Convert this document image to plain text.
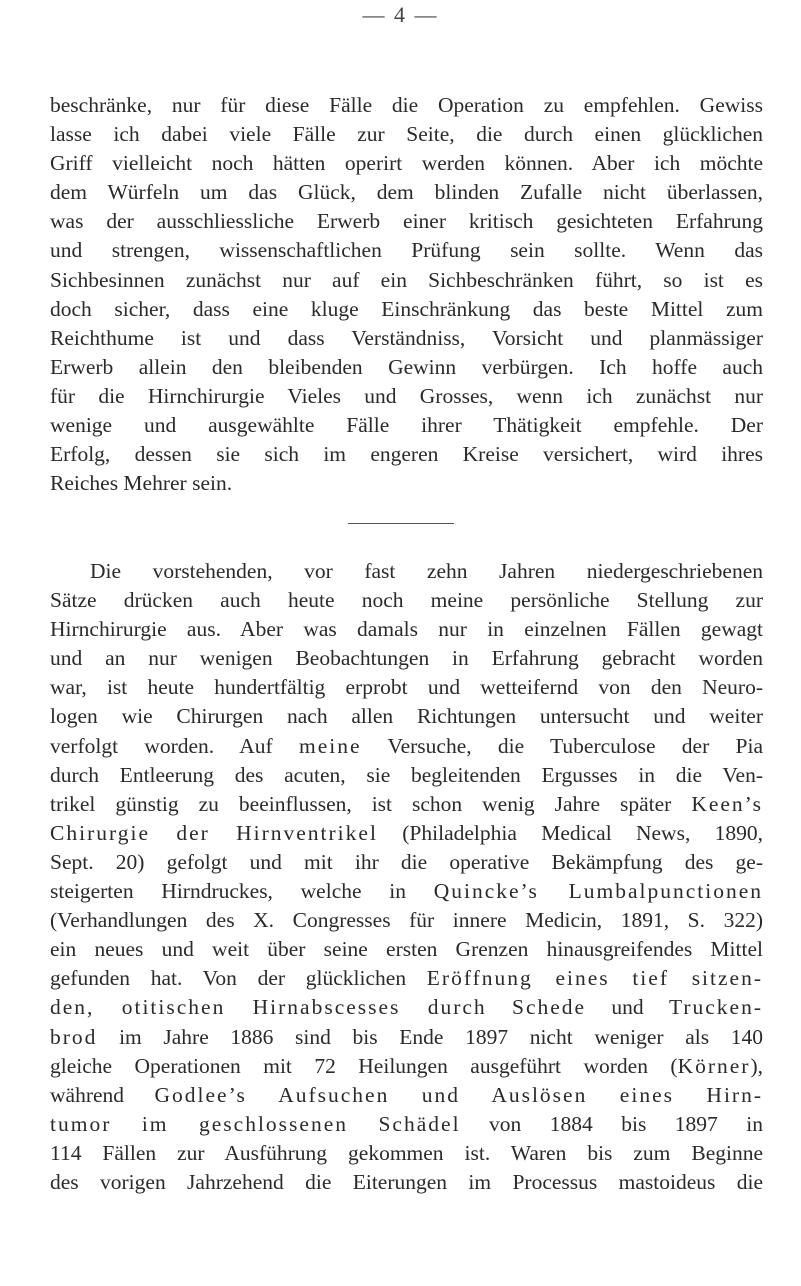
— 4 —
beschränke, nur für diese Fälle die Operation zu empfehlen. Gewiss
lasse ich dabei viele Fälle zur Seite, die durch einen glücklichen
Griff vielleicht noch hätten operirt werden können. Aber ich möchte
dem Würfeln um das Glück, dem blinden Zufalle nicht überlassen,
was der ausschliessliche Erwerb einer kritisch gesichteten Erfahrung
und strengen, wissenschaftlichen Prüfung sein sollte. Wenn das
Sichbesinnen zunächst nur auf ein Sichbeschränken führt, so ist es
doch sicher, dass eine kluge Einschränkung das beste Mittel zum
Reichthume ist und dass Verständniss, Vorsicht und planmässiger
Erwerb allein den bleibenden Gewinn verbürgen. Ich hoffe auch
für die Hirnchirurgie Vieles und Grosses, wenn ich zunächst nur
wenige und ausgewählte Fälle ihrer Thätigkeit empfehle. Der
Erfolg, dessen sie sich im engeren Kreise versichert, wird ihres
Reiches Mehrer sein.
Die vorstehenden, vor fast zehn Jahren niedergeschriebenen
Sätze drücken auch heute noch meine persönliche Stellung zur
Hirnchirurgie aus. Aber was damals nur in einzelnen Fällen gewagt
und an nur wenigen Beobachtungen in Erfahrung gebracht worden
war, ist heute hundertfältig erprobt und wetteifernd von den Neuro-
logen wie Chirurgen nach allen Richtungen untersucht und weiter
verfolgt worden. Auf meine Versuche, die Tuberculose der Pia
durch Entleerung des acuten, sie begleitenden Ergusses in die Ven-
trikel günstig zu beeinflussen, ist schon wenig Jahre später Keen’s
Chirurgie der Hirnventrikel (Philadelphia Medical News, 1890,
Sept. 20) gefolgt und mit ihr die operative Bekämpfung des ge-
steigerten Hirndruckes, welche in Quincke’s Lumbalpunctionen
(Verhandlungen des X. Congresses für innere Medicin, 1891, S. 322)
ein neues und weit über seine ersten Grenzen hinausgreifendes Mittel
gefunden hat. Von der glücklichen Eröffnung eines tief sitzen-
den, otitischen Hirnabscesses durch Schede und Trucken-
brod im Jahre 1886 sind bis Ende 1897 nicht weniger als 140
gleiche Operationen mit 72 Heilungen ausgeführt worden (Körner),
während Godlee’s Aufsuchen und Auslösen eines Hirn-
tumor im geschlossenen Schädel von 1884 bis 1897 in
114 Fällen zur Ausführung gekommen ist. Waren bis zum Beginne
des vorigen Jahrzehend die Eiterungen im Processus mastoideus die
